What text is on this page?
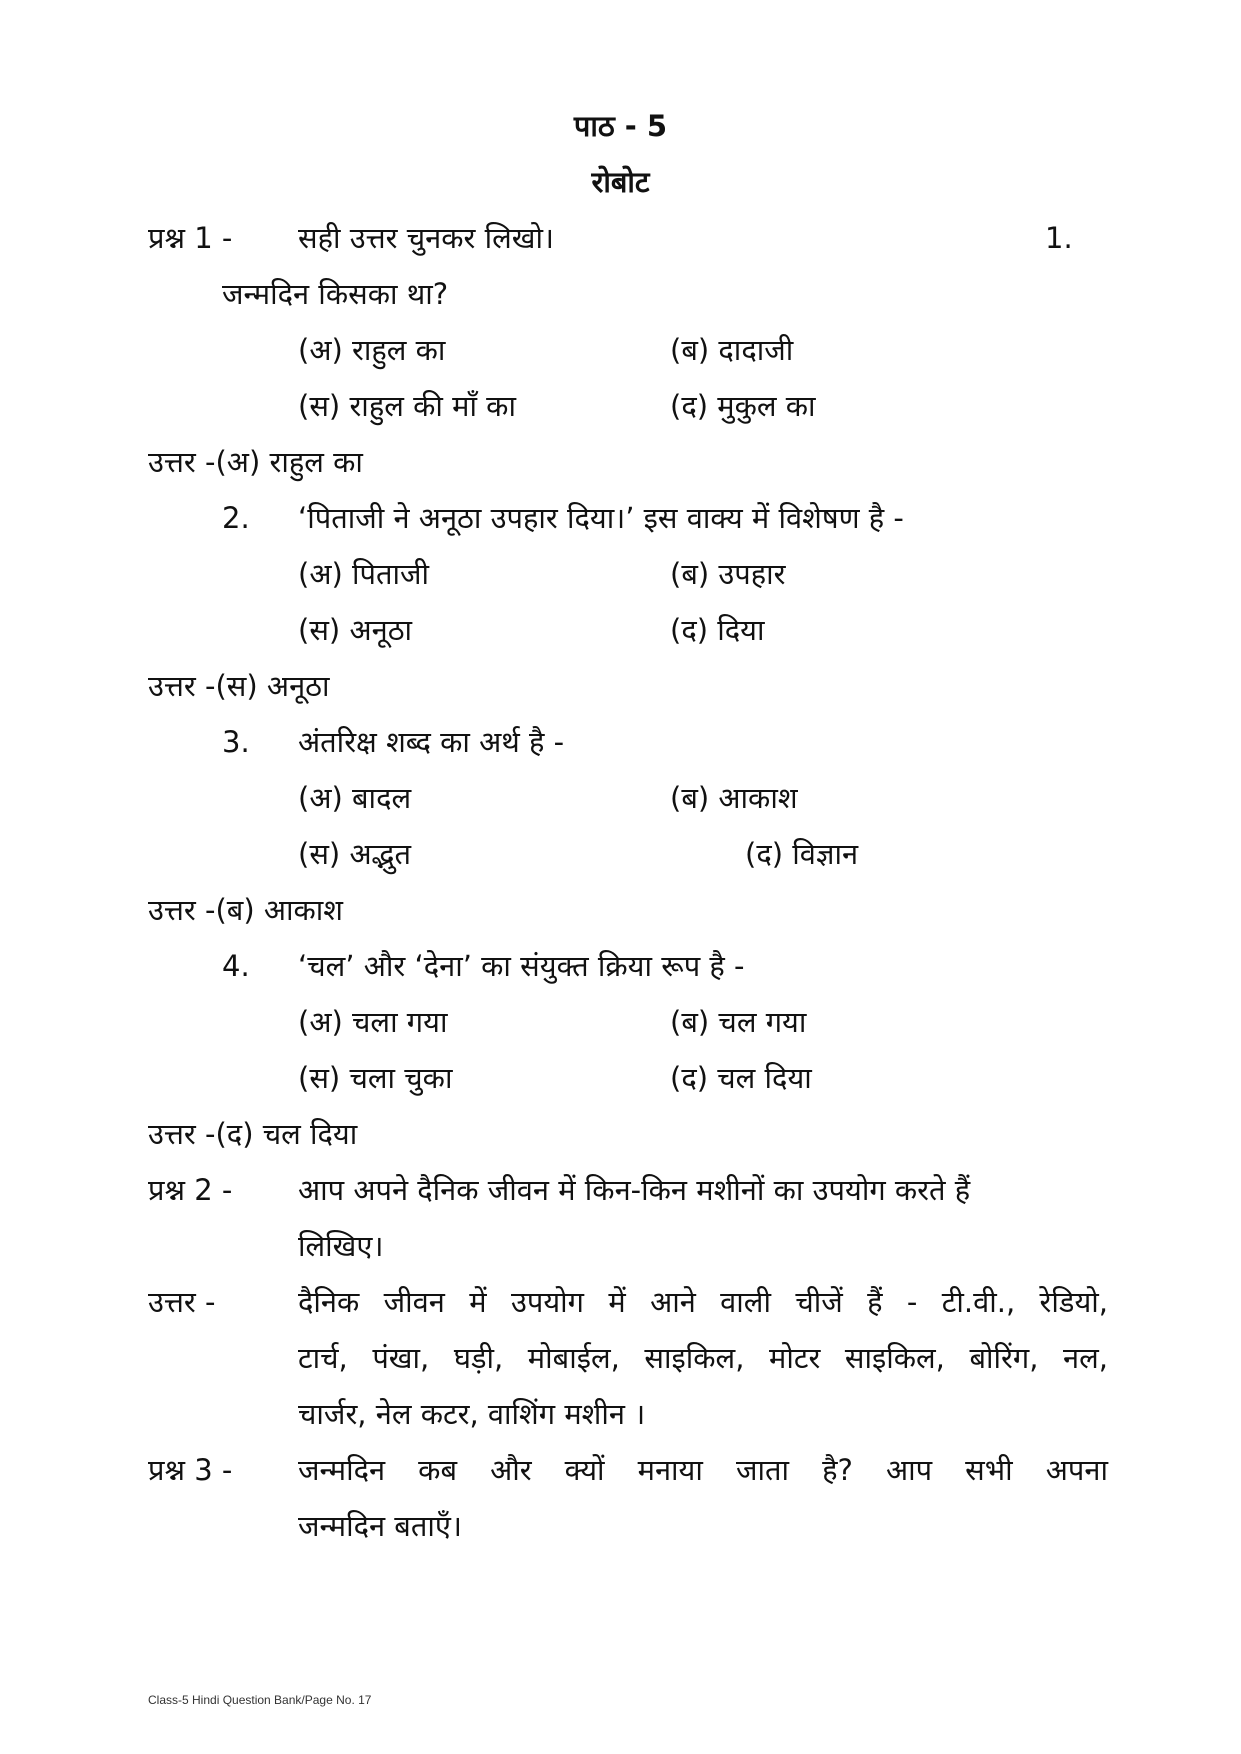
पाठ - 5
रोबोट
प्रश्न 1 - सही उत्तर चुनकर लिखो।	1.
जन्मदिन किसका था?
(अ) राहुल का	(ब) दादाजी
(स) राहुल की माँ का	(द) मुकुल का
उत्तर -(अ) राहुल का
2. ‘पिताजी ने अनूठा उपहार दिया।’ इस वाक्य में विशेषण है -
(अ) पिताजी	(ब) उपहार
(स) अनूठा	(द) दिया
उत्तर -(स) अनूठा
3. अंतरिक्ष शब्द का अर्थ है -
(अ) बादल	(ब) आकाश
(स) अद्भुत	(द) विज्ञान
उत्तर -(ब) आकाश
4. ‘चल’ और ‘देना’ का संयुक्त क्रिया रूप है -
(अ) चला गया	(ब) चल गया
(स) चला चुका	(द) चल दिया
उत्तर -(द) चल दिया
प्रश्न 2 - आप अपने दैनिक जीवन में किन-किन मशीनों का उपयोग करते हैं
लिखिए।
उत्तर -	दैनिक जीवन में उपयोग में आने वाली चीजें हैं - टी.वी., रेडियो,
टार्च, पंखा, घड़ी, मोबाईल, साइकिल, मोटर साइकिल, बोरिंग, नल,
चार्जर, नेल कटर, वाशिंग मशीन ।
प्रश्न 3 - जन्मदिन कब और क्यों मनाया जाता है? आप सभी अपना
जन्मदिन बताएँ।
Class-5 Hindi Question Bank/Page No. 17
